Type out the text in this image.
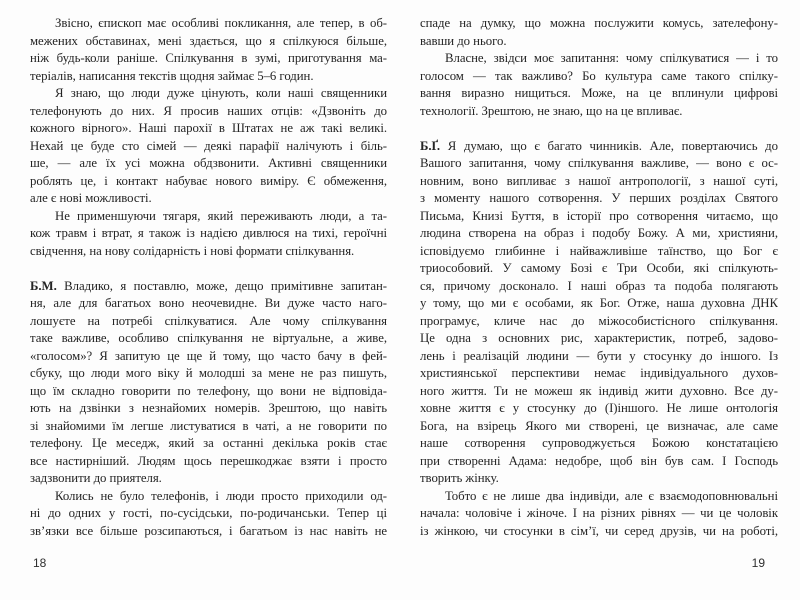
Звісно, єпископ має особливі покликання, але тепер, в об-
межених обставинах, мені здається, що я спілкуюся більше,
ніж будь-коли раніше. Спілкування в зумі, приготування ма-
теріалів, написання текстів щодня займає 5–6 годин.
Я знаю, що люди дуже цінують, коли наші священники
телефонують до них. Я просив наших отців: «Дзвоніть до
кожного вірного». Наші парохії в Штатах не аж такі великі.
Нехай це буде сто сімей — деякі парафії налічують і біль-
ше, — але їх усі можна обдзвонити. Активні священники
роблять це, і контакт набуває нового виміру. Є обмеження,
але є нові можливості.
Не применшуючи тягаря, який переживають люди, а та-
кож травм і втрат, я також із надією дивлюся на тихі, героїчні
свідчення, на нову солідарність і нові формати спілкування.
Б.М. Владико, я поставлю, може, дещо примітивне запитан-
ня, але для багатьох воно неочевидне. Ви дуже часто наго-
лошуєте на потребі спілкуватися. Але чому спілкування
таке важливе, особливо спілкування не віртуальне, а живе,
«голосом»? Я запитую це ще й тому, що часто бачу в фей-
сбуку, що люди мого віку й молодші за мене не раз пишуть,
що їм складно говорити по телефону, що вони не відповіда-
ють на дзвінки з незнайомих номерів. Зрештою, що навіть
зі знайомими їм легше листуватися в чаті, а не говорити по
телефону. Це меседж, який за останні декілька років стає
все настирніший. Людям щось перешкоджає взяти і просто
задзвонити до приятеля.
Колись не було телефонів, і люди просто приходили од-
ні до одних у гості, по-сусідськи, по-родичанськи. Тепер ці
зв’язки все більше розсипаються, і багатьом із нас навіть не
18
спаде на думку, що можна послужити комусь, зателефону-
вавши до нього.
Власне, звідси моє запитання: чому спілкуватися — і то
голосом — так важливо? Бо культура саме такого спілку-
вання виразно нищиться. Може, на це вплинули цифрові
технології. Зрештою, не знаю, що на це впливає.
Б.Ґ. Я думаю, що є багато чинників. Але, повертаючись до
Вашого запитання, чому спілкування важливе, — воно є ос-
новним, воно випливає з нашої антропології, з нашої суті,
з моменту нашого сотворення. У перших розділах Святого
Письма, Книзі Буття, в історії про сотворення читаємо, що
людина створена на образ і подобу Божу. А ми, християни,
ісповідуємо глибинне і найважливіше таїнство, що Бог є
триособовий. У самому Бозі є Три Особи, які спілкують-
ся, причому досконало. І наші образ та подоба полягають
у тому, що ми є особами, як Бог. Отже, наша духовна ДНК
програмує, кличе нас до міжособистісного спілкування.
Це одна з основних рис, характеристик, потреб, задово-
лень і реалізацій людини — бути у стосунку до іншого. Із
християнської перспективи немає індивідуального духов-
ного життя. Ти не можеш як індивід жити духовно. Все ду-
ховне життя є у стосунку до (І)іншого. Не лише онтологія
Бога, на взірець Якого ми створені, це визначає, але саме
наше сотворення супроводжується Божою констатацією
при створенні Адама: недобре, щоб він був сам. І Господь
творить жінку.
Тобто є не лише два індивіди, але є взаємодоповнювальні
начала: чоловіче і жіноче. І на різних рівнях — чи це чоловік
із жінкою, чи стосунки в сім’ї, чи серед друзів, чи на роботі,
19
